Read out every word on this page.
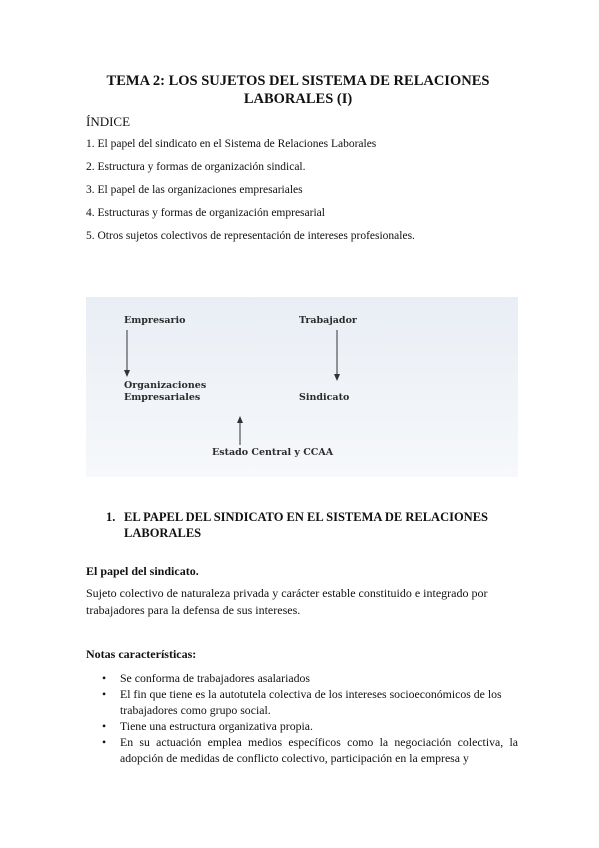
TEMA 2: LOS SUJETOS DEL SISTEMA DE RELACIONES LABORALES (I)
ÍNDICE
1. El papel del sindicato en el Sistema de Relaciones Laborales
2. Estructura y formas de organización sindical.
3. El papel de las organizaciones empresariales
4. Estructuras y formas de organización empresarial
5. Otros sujetos colectivos de representación de intereses profesionales.
Empresario	Trabajador
Organizaciones
Empresariales	Sindicato
Estado Central y CCAA
1. EL PAPEL DEL SINDICATO EN EL SISTEMA DE RELACIONES LABORALES
El papel del sindicato.
Sujeto colectivo de naturaleza privada y carácter estable constituido e integrado por trabajadores para la defensa de sus intereses.
Notas características:
• Se conforma de trabajadores asalariados
• El fin que tiene es la autotutela colectiva de los intereses socioeconómicos de los trabajadores como grupo social.
• Tiene una estructura organizativa propia.
• En su actuación emplea medios específicos como la negociación colectiva, la adopción de medidas de conflicto colectivo, participación en la empresa y
